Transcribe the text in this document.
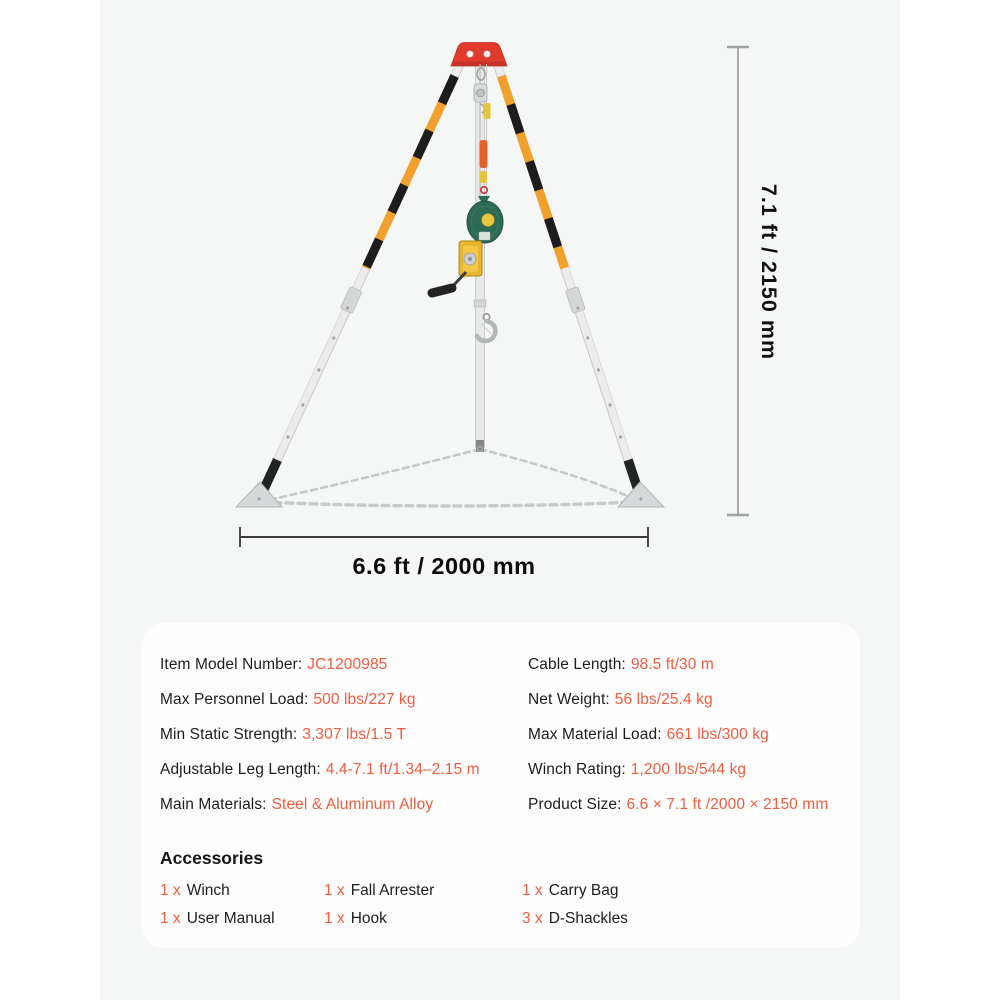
7.1 ft / 2150 mm
6.6 ft / 2000 mm
Item Model Number: JC1200985
Max Personnel Load: 500 lbs/227 kg
Min Static Strength: 3,307 lbs/1.5 T
Adjustable Leg Length: 4.4-7.1 ft/1.34–2.15 m
Main Materials: Steel & Aluminum Alloy
Cable Length: 98.5 ft/30 m
Net Weight: 56 lbs/25.4 kg
Max Material Load: 661 lbs/300 kg
Winch Rating: 1,200 lbs/544 kg
Product Size: 6.6 × 7.1 ft /2000 × 2150 mm
Accessories
1 x Winch	1 x Fall Arrester	1 x Carry Bag
1 x User Manual	1 x Hook	3 x D-Shackles
